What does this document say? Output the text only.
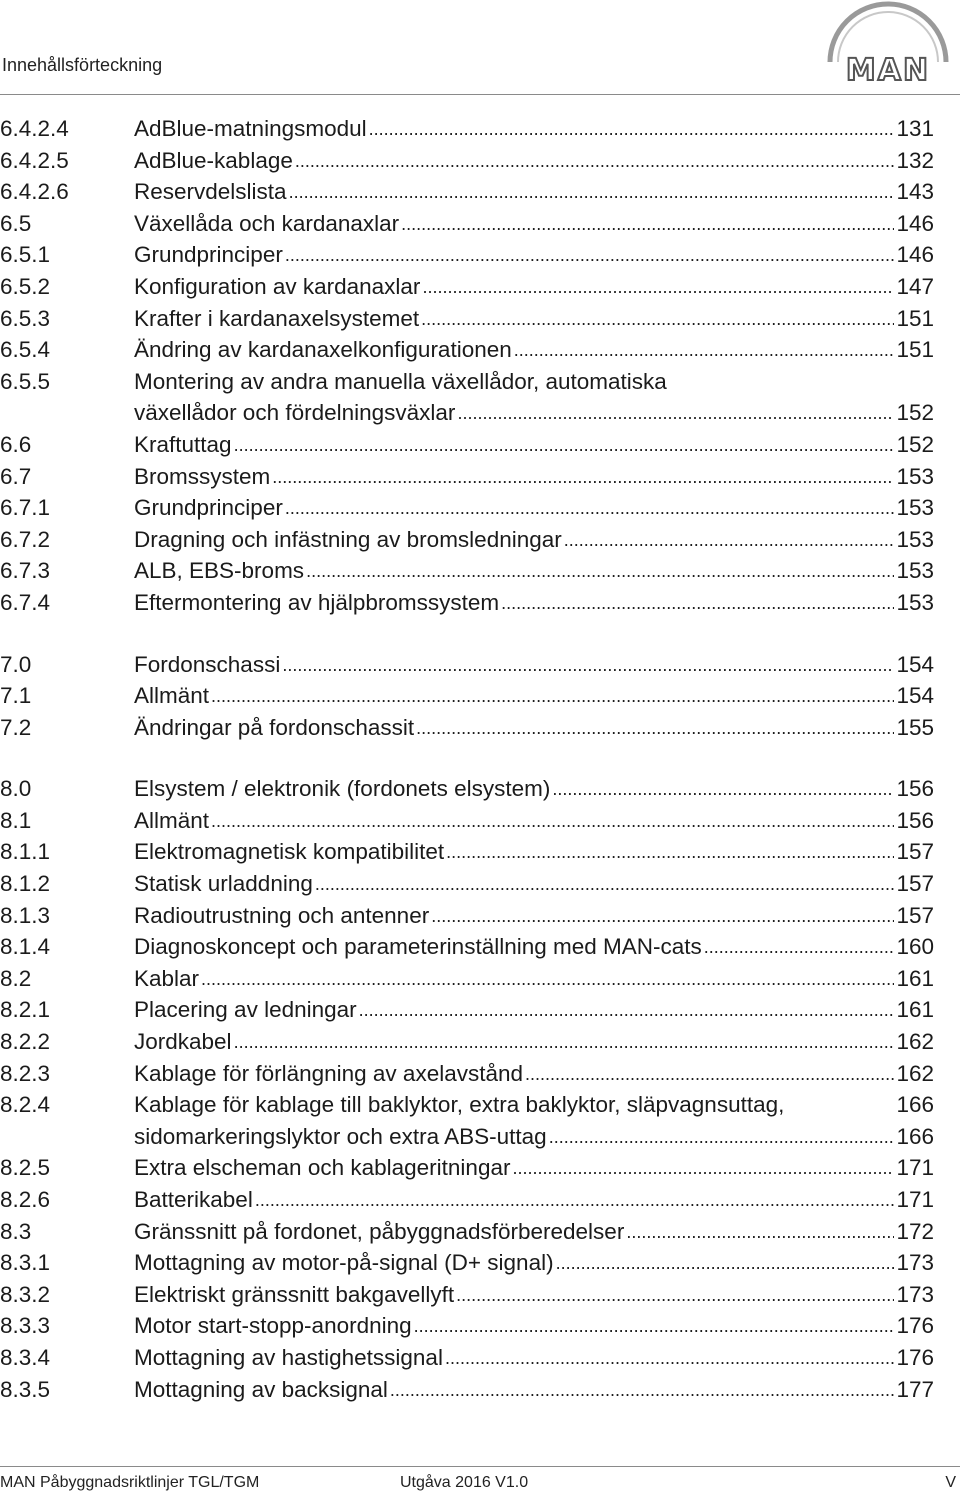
Innehållsförteckning	MAN
6.4.2.4	AdBlue-matningsmodul .....	131
6.4.2.5	AdBlue-kablage .....	132
6.4.2.6	Reservdelslista .....	143
6.5	Växellåda och kardanaxlar .....	146
6.5.1	Grundprinciper .....	146
6.5.2	Konfiguration av kardanaxlar .....	147
6.5.3	Krafter i kardanaxelsystemet .....	151
6.5.4	Ändring av kardanaxelkonfigurationen .....	151
6.5.5	Montering av andra manuella växellådor, automatiska
växellådor och fördelningsväxlar .....	152
6.6	Kraftuttag .....	152
6.7	Bromssystem .....	153
6.7.1	Grundprinciper .....	153
6.7.2	Dragning och infästning av bromsledningar .....	153
6.7.3	ALB, EBS-broms .....	153
6.7.4	Eftermontering av hjälpbromssystem .....	153
7.0	Fordonschassi .....	154
7.1	Allmänt .....	154
7.2	Ändringar på fordonschassit .....	155
8.0	Elsystem / elektronik (fordonets elsystem) .....	156
8.1	Allmänt .....	156
8.1.1	Elektromagnetisk kompatibilitet .....	157
8.1.2	Statisk urladdning .....	157
8.1.3	Radioutrustning och antenner .....	157
8.1.4	Diagnoskoncept och parameterinställning med MAN-cats .....	160
8.2	Kablar .....	161
8.2.1	Placering av ledningar .....	161
8.2.2	Jordkabel .....	162
8.2.3	Kablage för förlängning av axelavstånd .....	162
8.2.4	Kablage för kablage till baklyktor, extra baklyktor, släpvagnsuttag,	166
sidomarkeringslyktor och extra ABS-uttag .....	166
8.2.5	Extra elscheman och kablageritningar .....	171
8.2.6	Batterikabel .....	171
8.3	Gränssnitt på fordonet, påbyggnadsförberedelser .....	172
8.3.1	Mottagning av motor-på-signal (D+ signal) .....	173
8.3.2	Elektriskt gränssnitt bakgavellyft .....	173
8.3.3	Motor start-stopp-anordning .....	176
8.3.4	Mottagning av hastighetssignal .....	176
8.3.5	Mottagning av backsignal .....	177
MAN Påbyggnadsriktlinjer TGL/TGM	Utgåva 2016 V1.0	V
